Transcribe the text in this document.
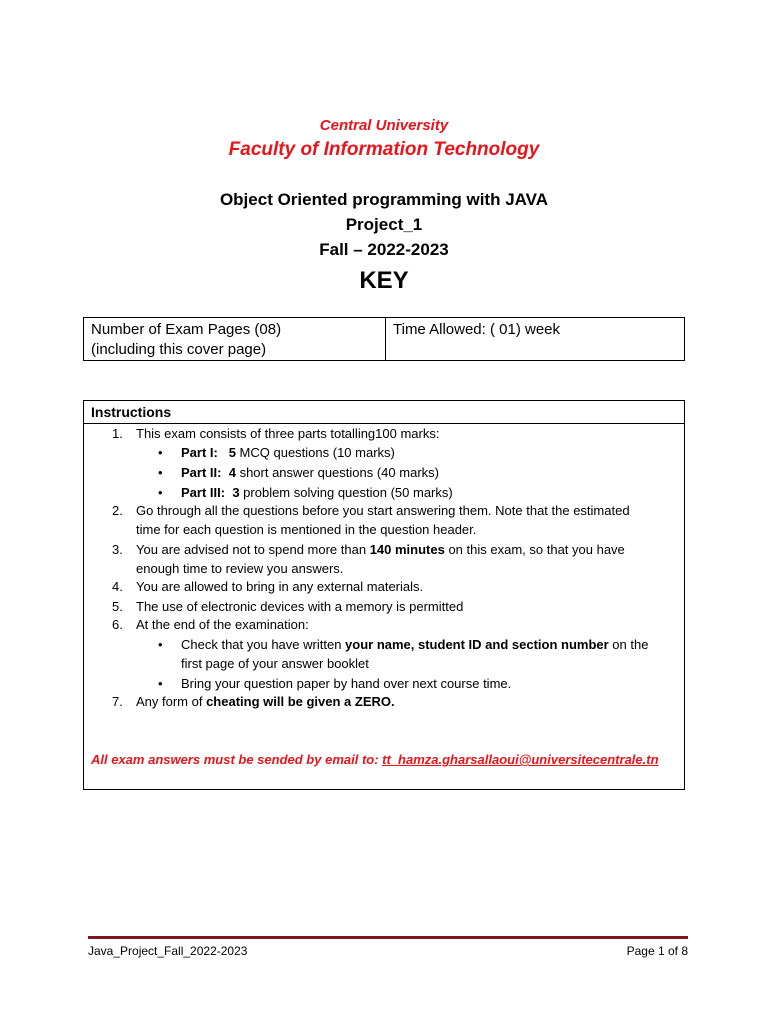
Central University
Faculty of Information Technology
Object Oriented programming with JAVA
Project_1
Fall – 2022-2023
KEY
Number of Exam Pages (08)
(including this cover page)
Time Allowed: ( 01) week
Instructions
1. This exam consists of three parts totalling100 marks:
• Part I: 5 MCQ questions (10 marks)
• Part II: 4 short answer questions (40 marks)
• Part III: 3 problem solving question (50 marks)
2. Go through all the questions before you start answering them. Note that the estimated
time for each question is mentioned in the question header.
3. You are advised not to spend more than 140 minutes on this exam, so that you have
enough time to review you answers.
4. You are allowed to bring in any external materials.
5. The use of electronic devices with a memory is permitted
6. At the end of the examination:
• Check that you have written your name, student ID and section number on the
first page of your answer booklet
• Bring your question paper by hand over next course time.
7. Any form of cheating will be given a ZERO.
All exam answers must be sended by email to: tt_hamza.gharsallaoui@universitecentrale.tn
Java_Project_Fall_2022-2023	Page 1 of 8
